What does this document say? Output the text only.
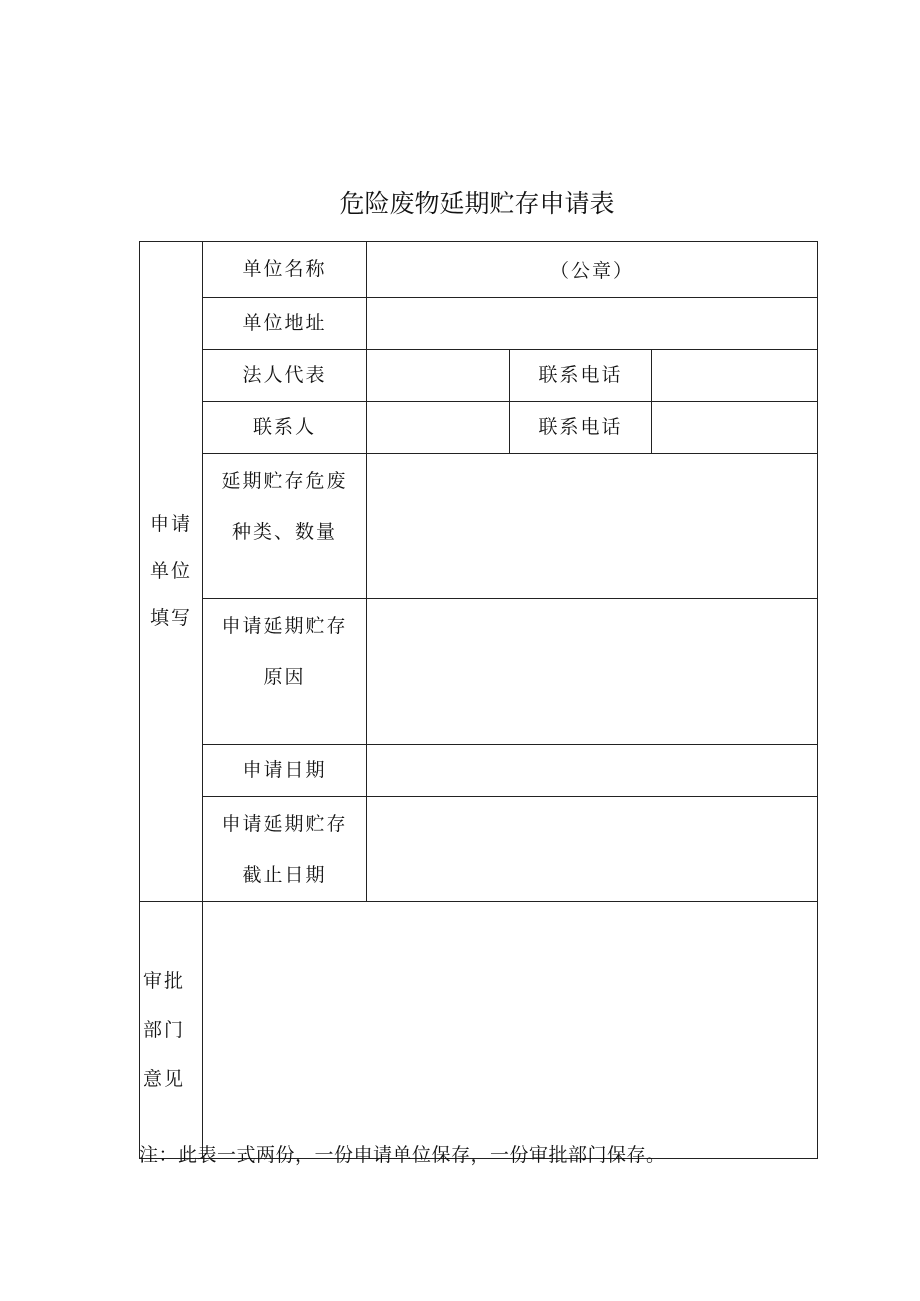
危险废物延期贮存申请表
申请
单位
填写	单位名称	（公章）		
	单位地址			
	法人代表		联系电话	
	联系人		联系电话	

	延期贮存危废
种类、数量			

	申请延期贮存
原因			

	申请日期			

	申请延期贮存
截止日期			

审批
部门
意见				

注：此表一式两份，一份申请单位保存，一份审批部门保存。
